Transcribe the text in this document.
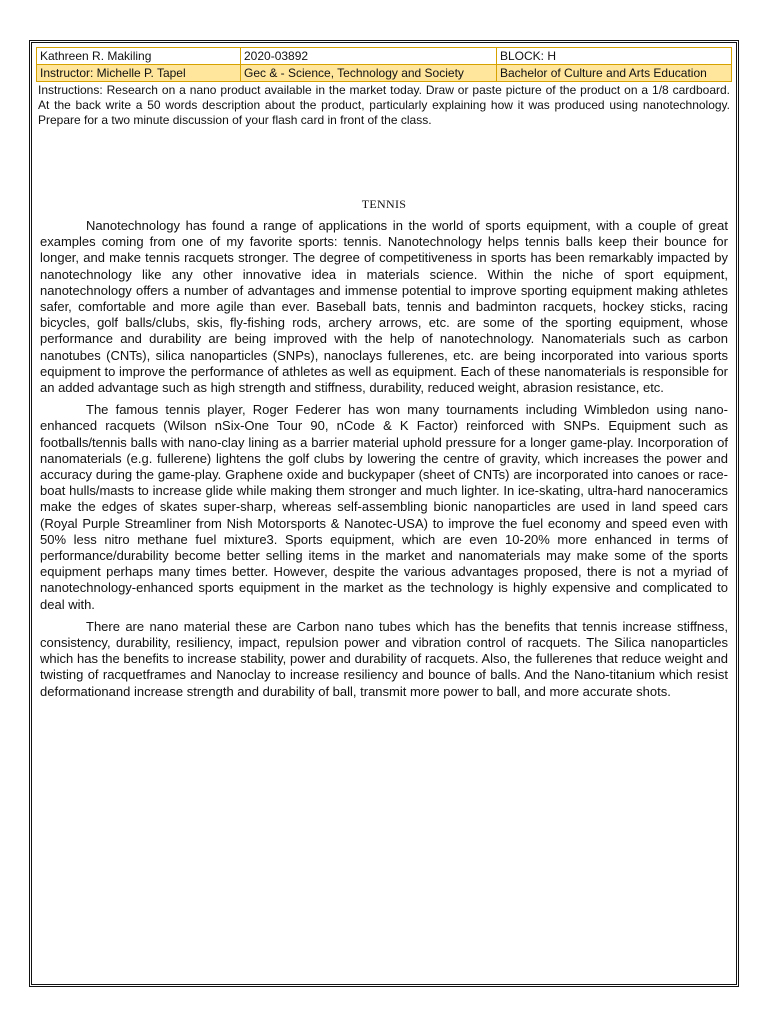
Kathreen R. Makiling	2020-03892	BLOCK: H
Instructor: Michelle P. Tapel	Gec & - Science, Technology and Society	Bachelor of Culture and Arts Education
Instructions: Research on a nano product available in the market today. Draw or paste picture of the product on a 1/8 cardboard. At the back write a 50 words description about the product, particularly explaining how it was produced using nanotechnology. Prepare for a two minute discussion of your flash card in front of the class.
TENNIS

Nanotechnology has found a range of applications in the world of sports equipment, with a couple of great examples coming from one of my favorite sports: tennis. Nanotechnology helps tennis balls keep their bounce for longer, and make tennis racquets stronger. The degree of competitiveness in sports has been remarkably impacted by nanotechnology like any other innovative idea in materials science. Within the niche of sport equipment, nanotechnology offers a number of advantages and immense potential to improve sporting equipment making athletes safer, comfortable and more agile than ever. Baseball bats, tennis and badminton racquets, hockey sticks, racing bicycles, golf balls/clubs, skis, fly-fishing rods, archery arrows, etc. are some of the sporting equipment, whose performance and durability are being improved with the help of nanotechnology. Nanomaterials such as carbon nanotubes (CNTs), silica nanoparticles (SNPs), nanoclays fullerenes, etc. are being incorporated into various sports equipment to improve the performance of athletes as well as equipment. Each of these nanomaterials is responsible for an added advantage such as high strength and stiffness, durability, reduced weight, abrasion resistance, etc.

The famous tennis player, Roger Federer has won many tournaments including Wimbledon using nano-enhanced racquets (Wilson nSix-One Tour 90, nCode & K Factor) reinforced with SNPs. Equipment such as footballs/tennis balls with nano-clay lining as a barrier material uphold pressure for a longer game-play. Incorporation of nanomaterials (e.g. fullerene) lightens the golf clubs by lowering the centre of gravity, which increases the power and accuracy during the game-play. Graphene oxide and buckypaper (sheet of CNTs) are incorporated into canoes or race-boat hulls/masts to increase glide while making them stronger and much lighter. In ice-skating, ultra-hard nanoceramics make the edges of skates super-sharp, whereas self-assembling bionic nanoparticles are used in land speed cars (Royal Purple Streamliner from Nish Motorsports & Nanotec-USA) to improve the fuel economy and speed even with 50% less nitro methane fuel mixture3. Sports equipment, which are even 10-20% more enhanced in terms of performance/durability become better selling items in the market and nanomaterials may make some of the sports equipment perhaps many times better. However, despite the various advantages proposed, there is not a myriad of nanotechnology-enhanced sports equipment in the market as the technology is highly expensive and complicated to deal with.

There are nano material these are Carbon nano tubes which has the benefits that tennis increase stiffness, consistency, durability, resiliency, impact, repulsion power and vibration control of racquets. The Silica nanoparticles which has the benefits to increase stability, power and durability of racquets. Also, the fullerenes that reduce weight and twisting of racquetframes and Nanoclay to increase resiliency and bounce of balls. And the Nano-titanium which resist deformationand increase strength and durability of ball, transmit more power to ball, and more accurate shots.
